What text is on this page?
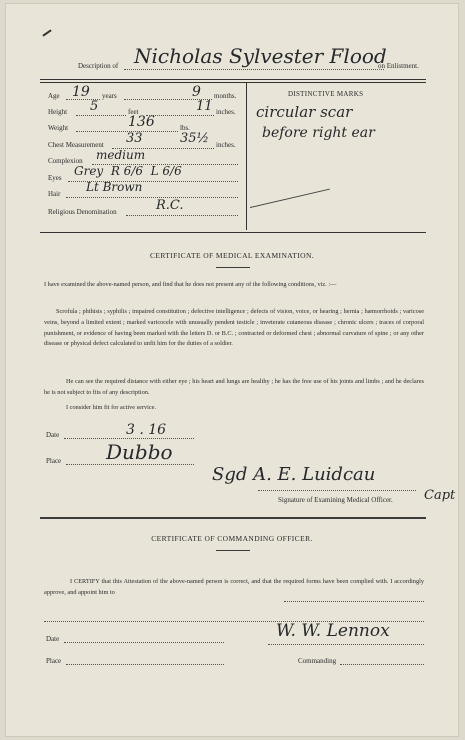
Description of Nicholas Sylvester Flood
on Enlistment.
Age 19 years	9 months.
Height 5	feet	11 inches.
Weight	136	lbs.
Chest Measurement 33	35½ inches.
Complexion medium
Eyes Grey  R 6/6  L 6/6
Hair Lt Brown
Religious Denomination	R.C.
DISTINCTIVE MARKS
circular scar
before right ear
CERTIFICATE OF MEDICAL EXAMINATION.
I have examined the above-named person, and find that he does not present any of the following conditions, viz. :—
Scrofula ; phthisis ; syphilis ; impaired constitution ; defective intelligence ; defects of vision, voice, or hearing ; hernia ; hæmorrhoids ; varicose veins, beyond a limited extent ; marked varicocele with unusually pendent testicle ; inveterate cutaneous disease ; chronic ulcers ; traces of corporal punishment, or evidence of having been marked with the letters D. or B.C. ; contracted or deformed chest ; abnormal curvature of spine ; or any other disease or physical defect calculated to unfit him for the duties of a soldier.
He can see the required distance with either eye ; his heart and lungs are healthy ; he has the free use of his joints and limbs ; and he declares he is not subject to fits of any description.
I consider him fit for active service.
Date	3 . 16
Place Dubbo
Sgd A. E. Luidcau
Signature of Examining Medical Officer. Capt
CERTIFICATE OF COMMANDING OFFICER.
I CERTIFY that this Attestation of the above-named person is correct, and that the required forms have been complied with. I accordingly approve, and appoint him to
Date	W. W. Lennox
Place	Commanding
